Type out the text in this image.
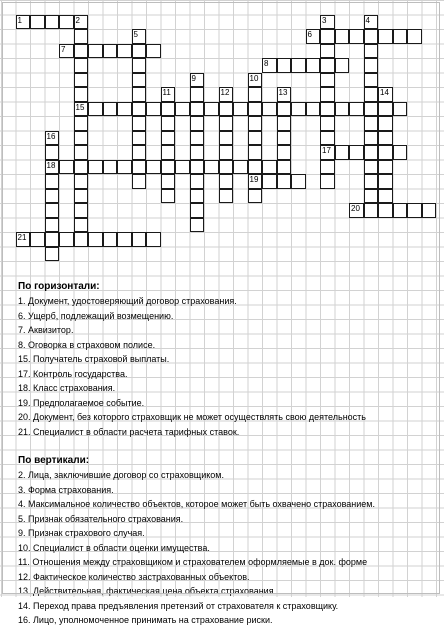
1	2
15
3
17
4
5	6
7
8
9	10
19
11	12	13	14
16
18
20
21
По горизонтали:
1. Документ, удостоверяющий договор страхования.
6. Ущерб, подлежащий возмещению.
7. Аквизитор.
8. Оговорка в страховом полисе.
15. Получатель страховой выплаты.
17. Контроль государства.
18. Класс страхования.
19. Предполагаемое событие.
20. Документ, без которого страховщик не может осуществлять свою деятельность
21. Специалист в области расчета тарифных ставок.
По вертикали:
2. Лица, заключившие договор со страховщиком.
3. Форма страхования.
4. Максимальное количество объектов, которое может быть охвачено страхованием.
5. Признак обязательного страхования.
9. Признак страхового случая.
10. Специалист в области оценки имущества.
11. Отношения между страховщиком и страхователем оформляемые в док. форме
12. Фактическое количество застрахованных объектов.
13. Действительная, фактическая цена объекта страхования.
14. Переход права предъявления претензий от страхователя к страховщику.
16. Лицо, уполномоченное принимать на страхование риски.
